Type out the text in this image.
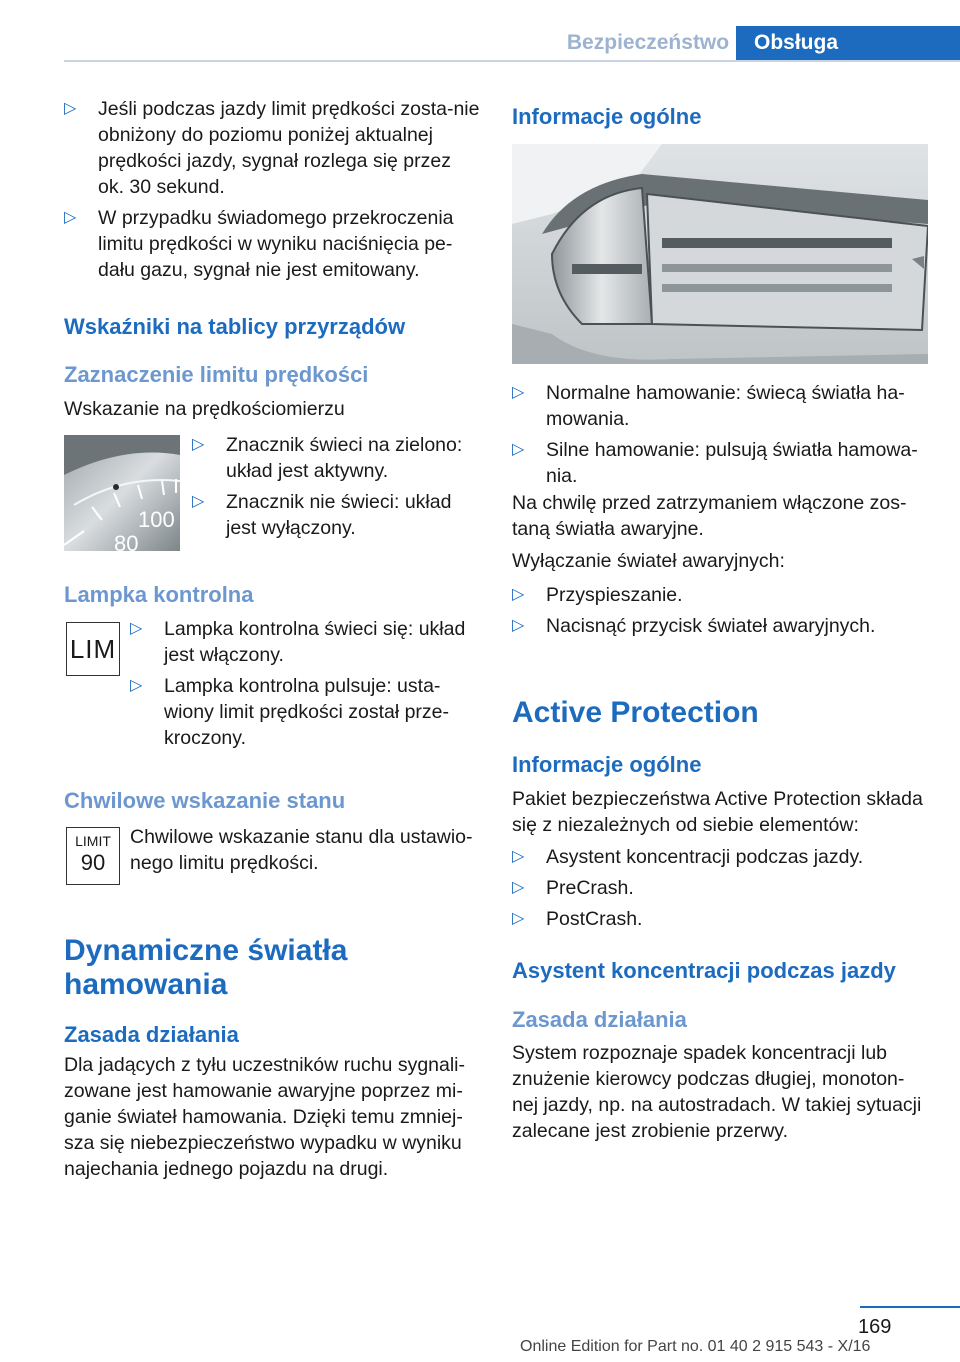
Bezpieczeństwo	Obsługa
▷ Jeśli podczas jazdy limit prędkości zosta‐nie obniżony do poziomu poniżej aktualnej prędkości jazdy, sygnał rozlega się przez ok. 30 sekund.
▷ W przypadku świadomego przekroczenia limitu prędkości w wyniku naciśnięcia pe‐dału gazu, sygnał nie jest emitowany.
Wskaźniki na tablicy przyrządów
Zaznaczenie limitu prędkości

Wskazanie na prędkościomierzu

100
80
▷ Znacznik świeci na zielono: układ jest aktywny.
▷ Znacznik nie świeci: układ jest wyłączony.
Lampka kontrolna
LIM
▷ Lampka kontrolna świeci się: układ jest włączony.
▷ Lampka kontrolna pulsuje: usta‐wiony limit prędkości został prze‐kroczony.
Chwilowe wskazanie stanu
LIMIT
90

Chwilowe wskazanie stanu dla ustawio‐nego limitu prędkości.

Dynamiczne światła hamowania
Zasada działania

Dla jadących z tyłu uczestników ruchu sygnali‐zowane jest hamowanie awaryjne poprzez mi‐ganie świateł hamowania. Dzięki temu zmniej‐sza się niebezpieczeństwo wypadku w wyniku najechania jednego pojazdu na drugi.

Informacje ogólne
▷ Normalne hamowanie: świecą światła ha‐mowania.
▷ Silne hamowanie: pulsują światła hamowa‐nia.

Na chwilę przed zatrzymaniem włączone zos‐taną światła awaryjne.

Wyłączanie świateł awaryjnych:

▷ Przyspieszanie.
▷ Nacisnąć przycisk świateł awaryjnych.
Active Protection
Informacje ogólne

Pakiet bezpieczeństwa Active Protection składa się z niezależnych od siebie elementów:

▷ Asystent koncentracji podczas jazdy.
▷ PreCrash.
▷ PostCrash.
Asystent koncentracji podczas jazdy
Zasada działania

System rozpoznaje spadek koncentracji lub znużenie kierowcy podczas długiej, monoton‐nej jazdy, np. na autostradach. W takiej sytuacji zalecane jest zrobienie przerwy.

169
Online Edition for Part no. 01 40 2 915 543 - X/16
